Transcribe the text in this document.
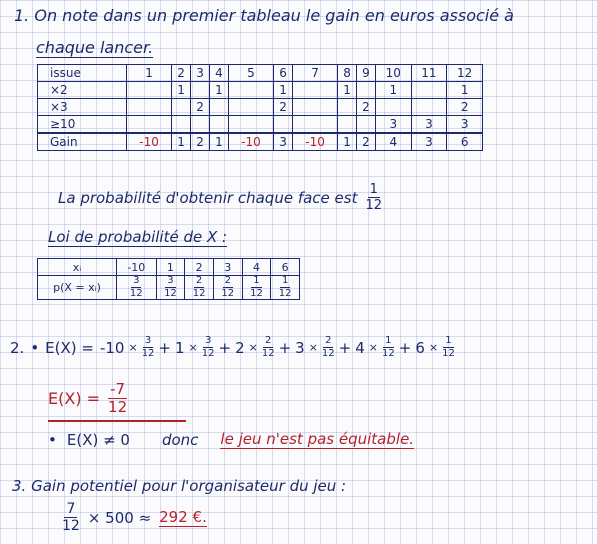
1. On note dans un premier tableau le gain en euros associé à
chaque lancer.
issue	1	2	3	4	5	6	7	8	9	10	11	12
×2		1		1		1		1		1		1
×3			2			2			2			2
≥10										3	3	3
Gain	-10	1	2	1	-10	3	-10	1	2	4	3	6
La probabilité d'obtenir chaque face est $\frac{1}{12}$
Loi de probabilité de X :
xᵢ	-10	1	2	3	4	6
p(X = xᵢ)	$\frac{3}{12}$	$\frac{3}{12}$	$\frac{2}{12}$	$\frac{2}{12}$	$\frac{1}{12}$	$\frac{1}{12}$
2. • $E(X) = -10 \times \frac{3}{12} + 1 \times \frac{3}{12} + 2 \times \frac{2}{12} + 3 \times \frac{2}{12} + 4 \times \frac{1}{12} + 6 \times \frac{1}{12}$
$E(X) = \frac{-7}{12}$
• E(X) ≠ 0 donc le jeu n'est pas équitable.
3. Gain potentiel pour l'organisateur du jeu :
$\frac{7}{12} \times 500 \approx 292$ €.
